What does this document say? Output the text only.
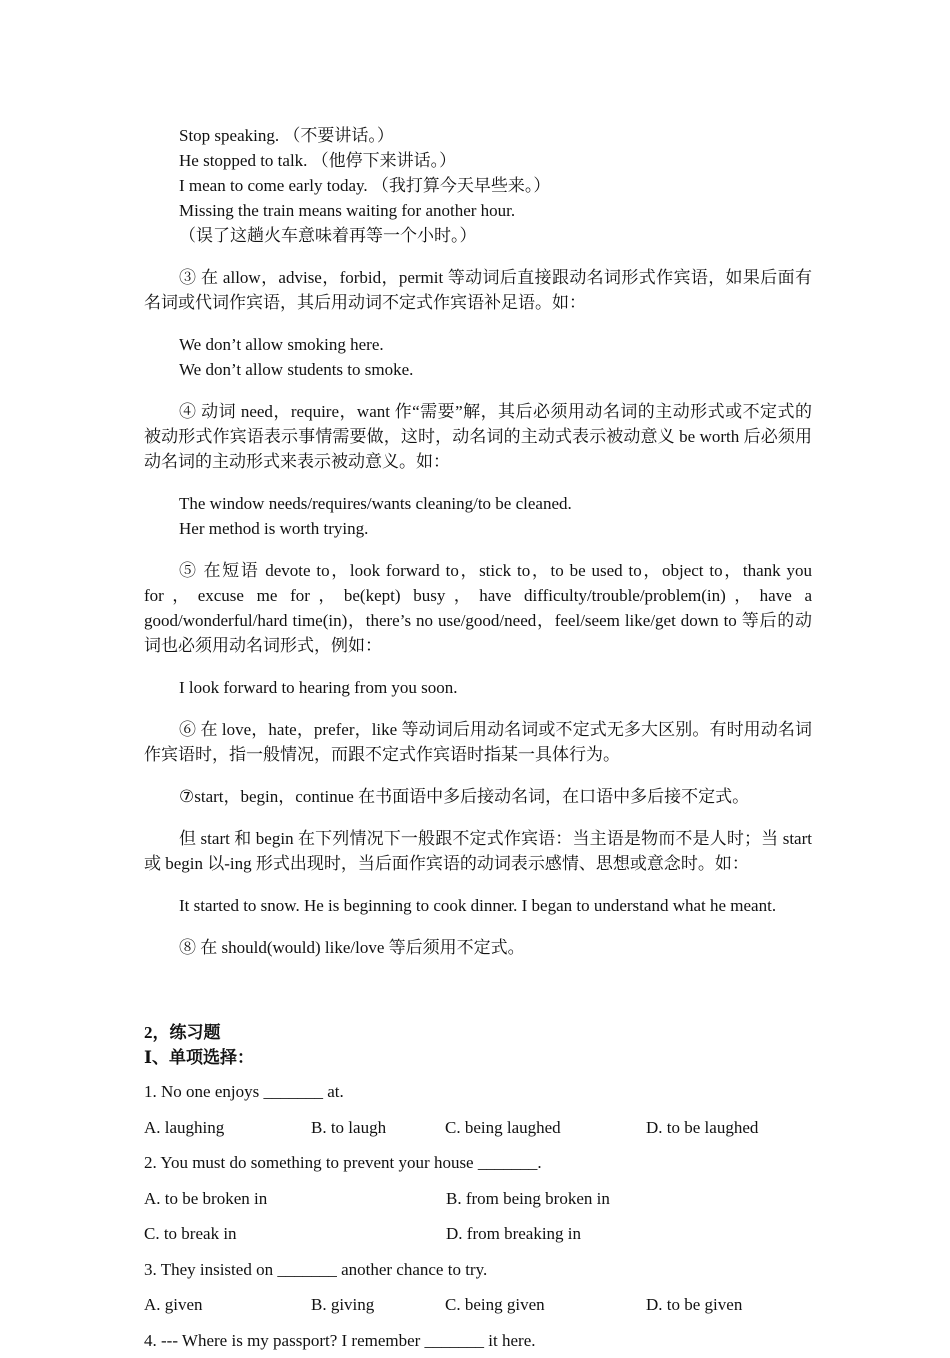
Stop speaking. （不要讲话。）

He stopped to talk. （他停下来讲话。）

I mean to come early today. （我打算今天早些来。）

Missing the train means waiting for another hour.

（误了这趟火车意味着再等一个小时。）

③ 在 allow，advise，forbid，permit 等动词后直接跟动名词形式作宾语，如果后面有名词或代词作宾语，其后用动词不定式作宾语补足语。如：

We don’t allow smoking here.

We don’t allow students to smoke.

④ 动词 need，require，want 作“需要”解，其后必须用动名词的主动形式或不定式的被动形式作宾语表示事情需要做，这时，动名词的主动式表示被动意义 be worth 后必须用动名词的主动形式来表示被动意义。如：

The window needs/requires/wants cleaning/to be cleaned.

Her method is worth trying.

⑤ 在短语 devote to，look forward to，stick to，to be used to，object to，thank you for，excuse me for，be(kept) busy，have difficulty/trouble/problem(in)，have a good/wonderful/hard time(in)，there’s no use/good/need，feel/seem like/get down to 等后的动词也必须用动名词形式，例如：

I look forward to hearing from you soon.

⑥ 在 love，hate，prefer，like 等动词后用动名词或不定式无多大区别。有时用动名词作宾语时，指一般情况，而跟不定式作宾语时指某一具体行为。

⑦start，begin，continue 在书面语中多后接动名词，在口语中多后接不定式。

但 start 和 begin 在下列情况下一般跟不定式作宾语：当主语是物而不是人时；当 start 或 begin 以-ing 形式出现时，当后面作宾语的动词表示感情、思想或意念时。如：

It started to snow. He is beginning to cook dinner. I began to understand what he meant.

⑧ 在 should(would) like/love 等后须用不定式。

2，练习题

Ⅰ、单项选择：

1. No one enjoys _______ at.
A. laughing	B. to laugh	C. being laughed	D. to be laughed
2. You must do something to prevent your house _______.
A. to be broken in	B. from being broken in
C. to break in	D. from breaking in
3. They insisted on _______ another chance to try.
A. given	B. giving	C. being given	D. to be given
4. --- Where is my passport? I remember _______ it here.
